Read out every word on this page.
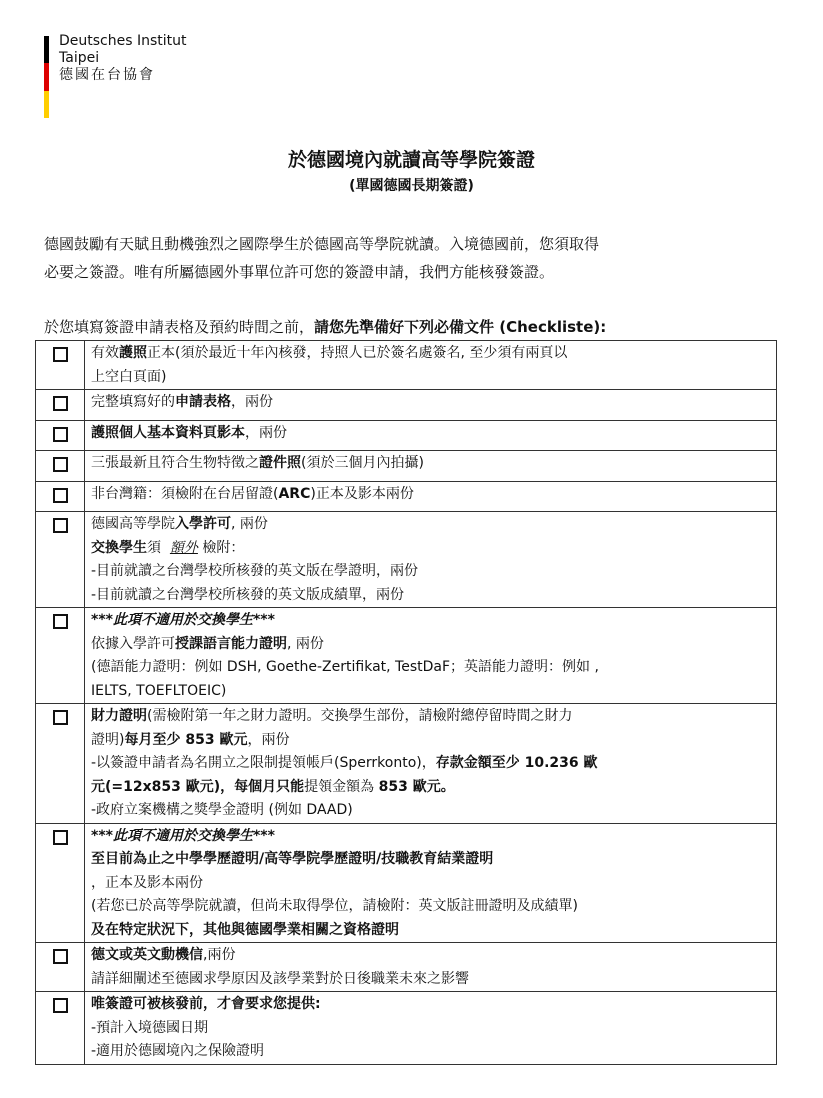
Deutsches Institut
Taipei
德國在台協會
於德國境內就讀高等學院簽證
(單國德國長期簽證)
德國鼓勵有天賦且動機強烈之國際學生於德國高等學院就讀。入境德國前，您須取得
必要之簽證。唯有所屬德國外事單位許可您的簽證申請，我們方能核發簽證。
於您填寫簽證申請表格及預約時間之前，請您先準備好下列必備文件 (Checkliste):

	有效護照正本(須於最近十年內核發，持照人已於簽名處簽名, 至少須有兩頁以
上空白頁面)

	完整填寫好的申請表格，兩份
	護照個人基本資料頁影本，兩份
	三張最新且符合生物特徵之證件照(須於三個月內拍攝)
	非台灣籍：須檢附在台居留證(ARC)正本及影本兩份

	德國高等學院入學許可, 兩份
交換學生須 額外 檢附：
-目前就讀之台灣學校所核發的英文版在學證明，兩份
-目前就讀之台灣學校所核發的英文版成績單，兩份

	***此項不適用於交換學生***
依據入學許可授課語言能力證明, 兩份
(德語能力證明：例如 DSH, Goethe-Zertifikat, TestDaF；英語能力證明：例如 ,
IELTS, TOEFLTOEIC)

	財力證明(需檢附第一年之財力證明。交換學生部份，請檢附總停留時間之財力
證明)每月至少 853 歐元，兩份
-以簽證申請者為名開立之限制提領帳戶(Sperrkonto)，存款金額至少 10.236 歐
元(=12x853 歐元)，每個月只能提領金額為 853 歐元。
-政府立案機構之獎學金證明 (例如 DAAD)

	***此項不適用於交換學生***
至目前為止之中學學歷證明/高等學院學歷證明/技職教育結業證明
，正本及影本兩份
(若您已於高等學院就讀，但尚未取得學位，請檢附：英文版註冊證明及成績單)
及在特定狀況下，其他與德國學業相關之資格證明

	德文或英文動機信,兩份
請詳細闡述至德國求學原因及該學業對於日後職業未來之影響

	唯簽證可被核發前，才會要求您提供:
-預計入境德國日期
-適用於德國境內之保險證明
